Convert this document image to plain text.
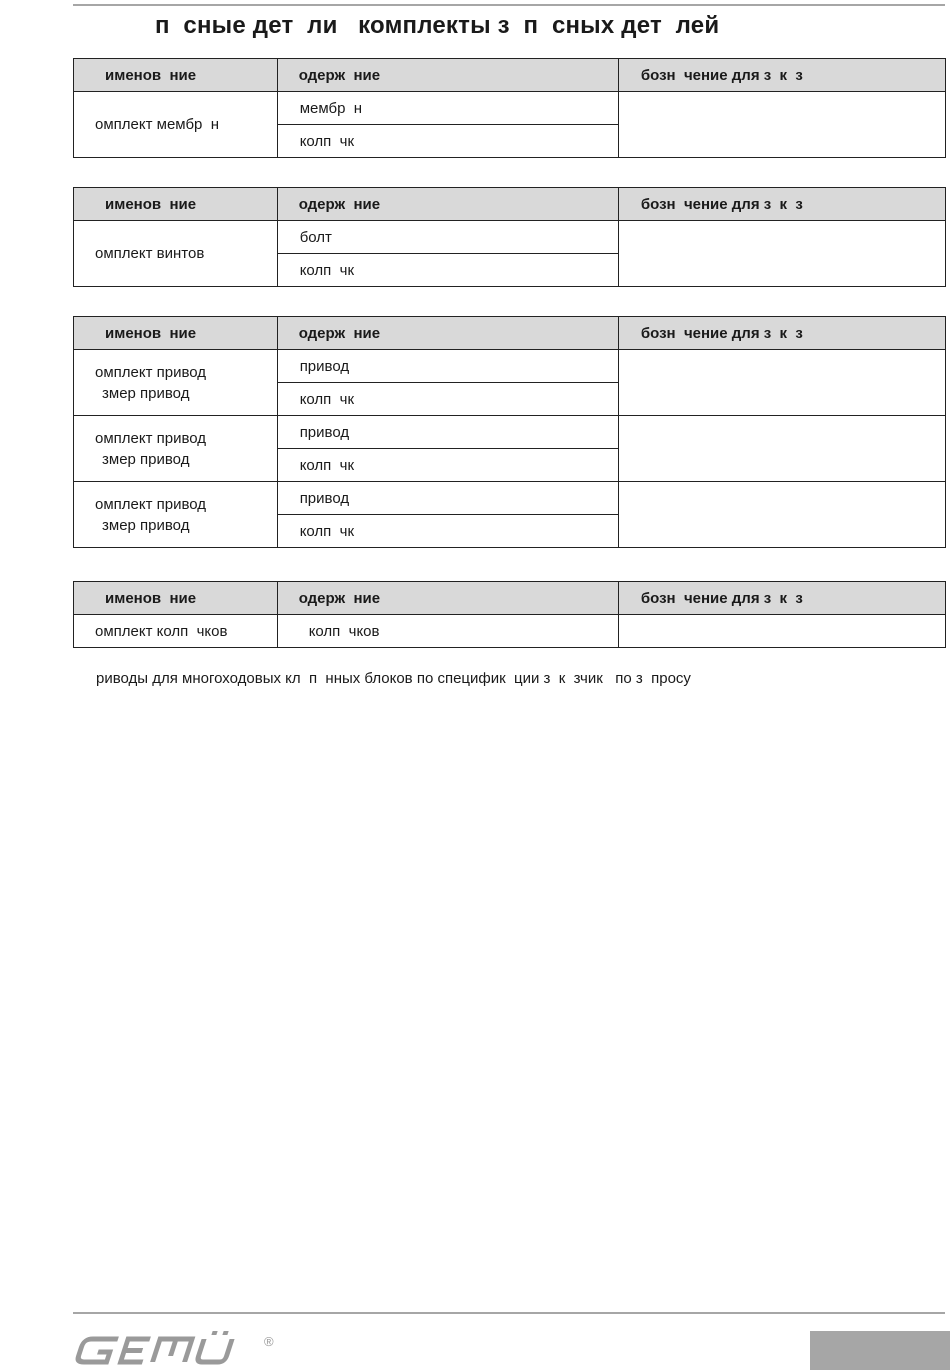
п  сные дет  ли   комплекты з  п  сных дет  лей
именов  ние	одерж  ние	бозн  чение для з  к  з
омплект мембр  н	мембр  н	
	колп  чк	
именов  ние	одерж  ние	бозн  чение для з  к  з
омплект винтов	болт	
	колп  чк	
именов  ние	одерж  ние	бозн  чение для з  к  з
омплект привод
змер привод	привод	
	колп  чк	
омплект привод
змер привод	привод	
	колп  чк	
омплект привод
змер привод	привод	
	колп  чк	
именов  ние	одерж  ние	бозн  чение для з  к  з
омплект колп  чков	колп  чков	
риводы для многоходовых кл  п  нных блоков по специфик  ции з  к  зчик   по з  просу
®
